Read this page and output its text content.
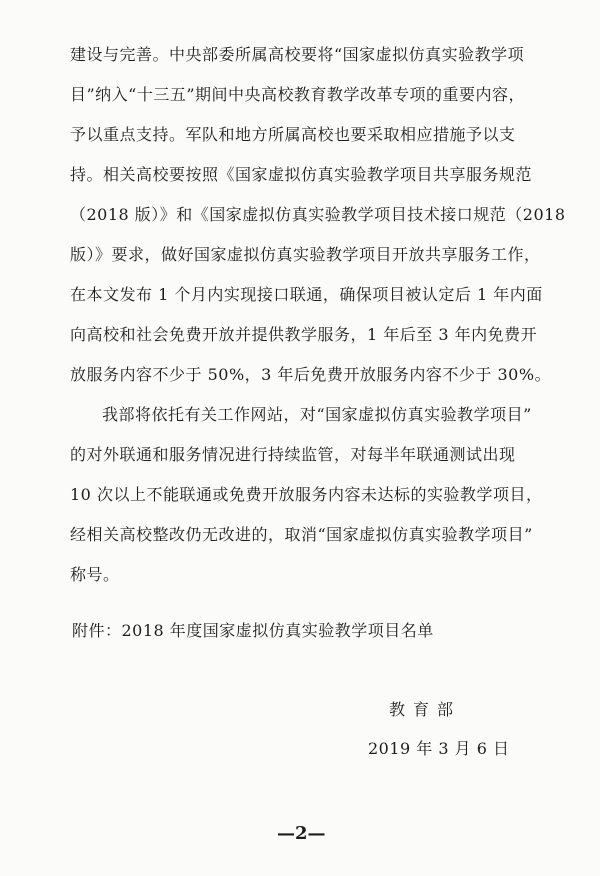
建设与完善。中央部委所属高校要将“国家虚拟仿真实验教学项
目”纳入“十三五”期间中央高校教育教学改革专项的重要内容，
予以重点支持。军队和地方所属高校也要采取相应措施予以支
持。相关高校要按照《国家虚拟仿真实验教学项目共享服务规范
（2018 版）》和《国家虚拟仿真实验教学项目技术接口规范（2018
版）》要求，做好国家虚拟仿真实验教学项目开放共享服务工作，
在本文发布 1 个月内实现接口联通，确保项目被认定后 1 年内面
向高校和社会免费开放并提供教学服务，1 年后至 3 年内免费开
放服务内容不少于 50%，3 年后免费开放服务内容不少于 30%。
我部将依托有关工作网站，对“国家虚拟仿真实验教学项目”
的对外联通和服务情况进行持续监管，对每半年联通测试出现
10 次以上不能联通或免费开放服务内容未达标的实验教学项目，
经相关高校整改仍无改进的，取消“国家虚拟仿真实验教学项目”
称号。
附件：2018 年度国家虚拟仿真实验教学项目名单
教育部
2019 年 3 月 6 日
—2—
